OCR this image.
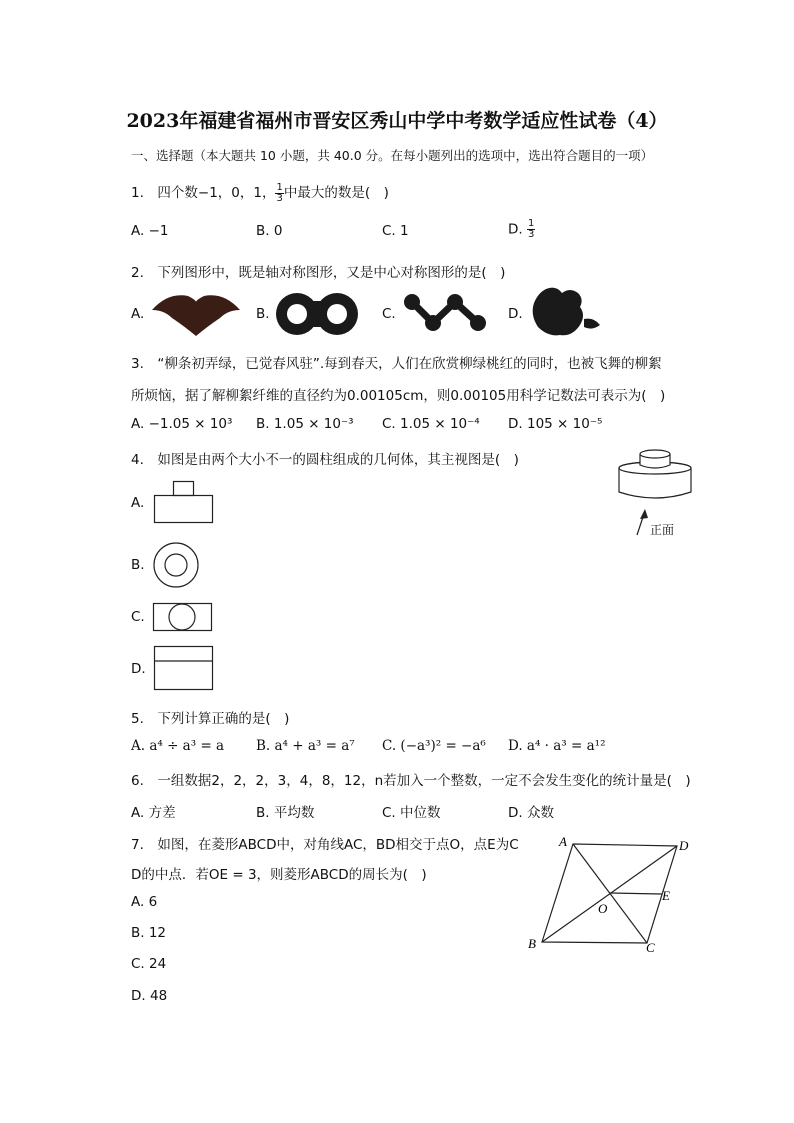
2023年福建省福州市晋安区秀山中学中考数学适应性试卷（4）
一、选择题（本大题共 10 小题，共 40.0 分。在每小题列出的选项中，选出符合题目的一项）
1.　四个数−1，0，1， $\frac{1}{3}$ 中最大的数是(　)
A. −1	B. 0	C. 1	D. $\frac{1}{3}$
2.　下列图形中，既是轴对称图形，又是中心对称图形的是(　)
A.	B.	C.	D.
3.　“柳条初弄绿，已觉春风驻”.每到春天，人们在欣赏柳绿桃红的同时，也被飞舞的柳絮
所烦恼，据了解柳絮纤维的直径约为0.00105cm，则0.00105用科学记数法可表示为(　)
A. −1.05 × 10³ B. 1.05 × 10⁻³ C. 1.05 × 10⁻⁴ D. 105 × 10⁻⁵
4.　如图是由两个大小不一的圆柱组成的几何体，其主视图是(　)
正面
A.
B.
C.
D.
5.　下列计算正确的是(　)
A. a⁴ ÷ a³ = a B. a⁴ + a³ = a⁷ C. (−a³)² = −a⁶ D. a⁴ · a³ = a¹²
6.　一组数据2，2，2，3，4，8，12，n若加入一个整数，一定不会发生变化的统计量是(　)
A. 方差	B. 平均数	C. 中位数	D. 众数
7.　如图，在菱形ABCD中，对角线AC，BD相交于点O，点E为C
D的中点．若OE = 3，则菱形ABCD的周长为(　)
A. 6
B. 12
C. 24
D. 48
A	D
B	C
E
O
